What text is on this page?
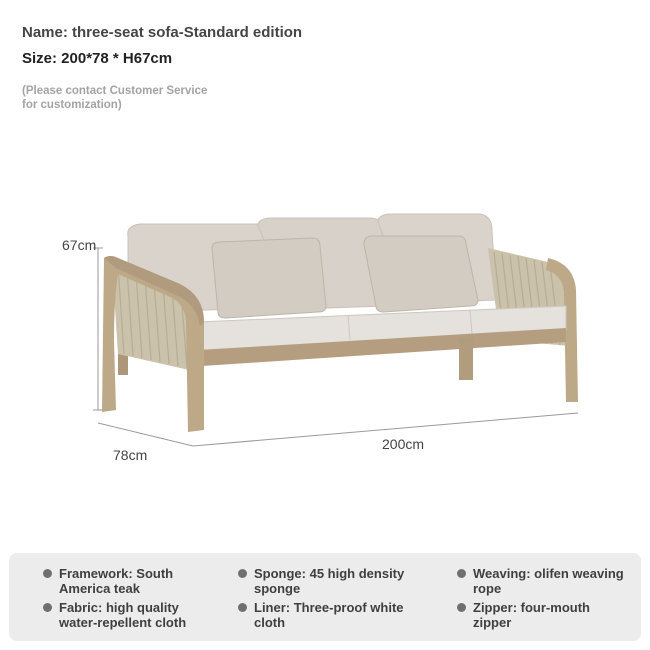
Name: three-seat sofa-Standard edition

Size: 200*78 * H67cm

(Please contact Customer Service for customization)
67cm
78cm
200cm
Framework: South America teak
Sponge: 45 high density sponge
Weaving: olifen weaving rope
Fabric: high quality water-repellent cloth
Liner: Three-proof white cloth
Zipper: four-mouth zipper
